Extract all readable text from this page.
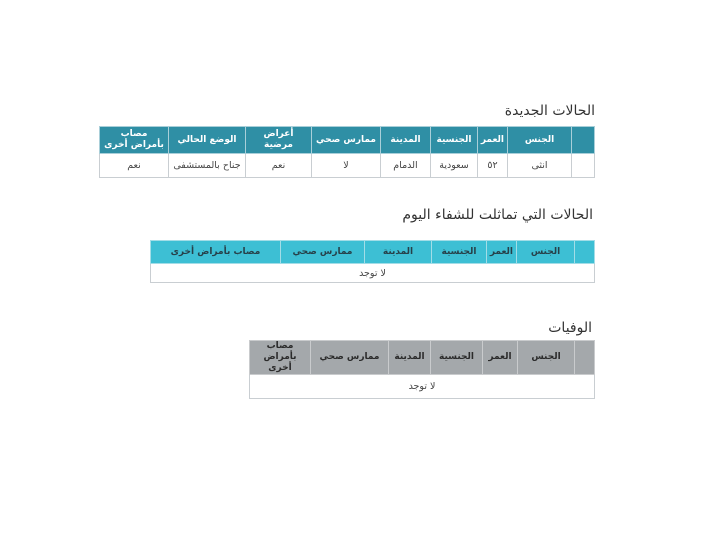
الحالات الجديدة
	الجنس	العمر	الجنسية	المدينة	ممارس صحي	أعراض مرضية	الوضع الحالي	مصاب بأمراض أخرى
	انثى	٥٢	سعودية	الدمام	لا	نعم	جناح بالمستشفى	نعم
الحالات التي تماثلت للشفاء اليوم
	الجنس	العمر	الجنسية	المدينة	ممارس صحي	مصاب بأمراض أخرى
لا توجد
الوفيات
	الجنس	العمر	الجنسية	المدينة	ممارس صحي	مصاب بأمراض أخرى
لا توجد
